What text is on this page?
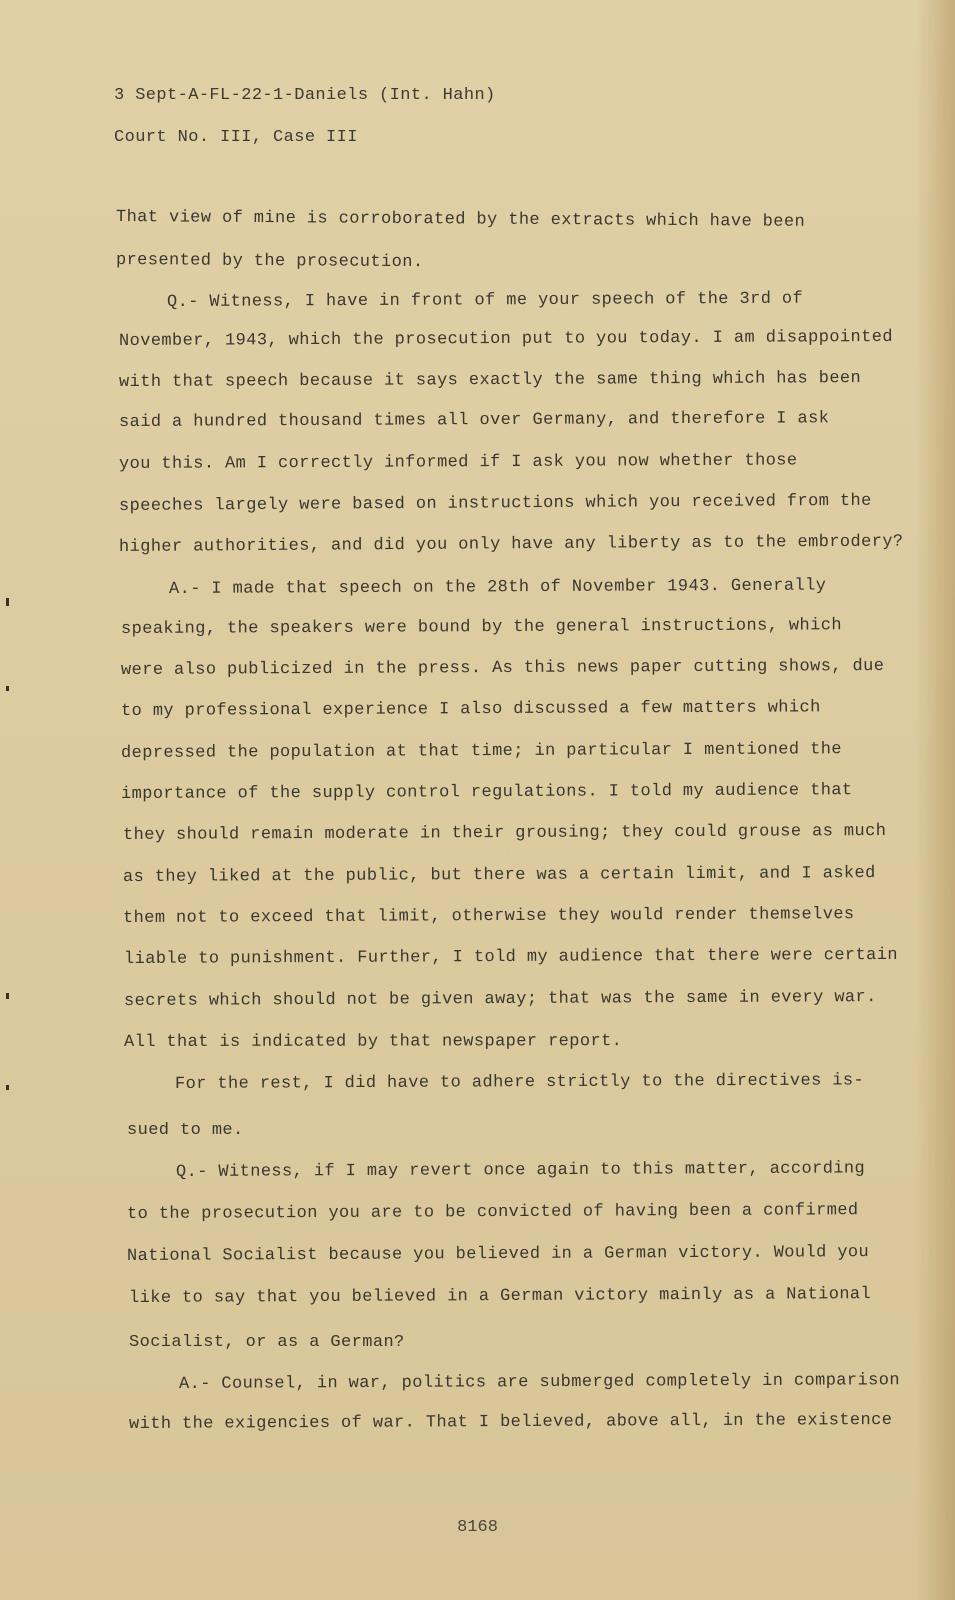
3 Sept-A-FL-22-1-Daniels (Int. Hahn)
Court No. III, Case III
That view of mine is corroborated by the extracts which have been
presented by the prosecution.
Q.- Witness, I have in front of me your speech of the 3rd of
November, 1943, which the prosecution put to you today. I am disappointed
with that speech because it says exactly the same thing which has been
said a hundred thousand times all over Germany, and therefore I ask
you this. Am I correctly informed if I ask you now whether those
speeches largely were based on instructions which you received from the
higher authorities, and did you only have any liberty as to the embrodery?
A.- I made that speech on the 28th of November 1943. Generally
speaking, the speakers were bound by the general instructions, which
were also publicized in the press. As this news paper cutting shows, due
to my professional experience I also discussed a few matters which
depressed the population at that time; in particular I mentioned the
importance of the supply control regulations. I told my audience that
they should remain moderate in their grousing; they could grouse as much
as they liked at the public, but there was a certain limit, and I asked
them not to exceed that limit, otherwise they would render themselves
liable to punishment. Further, I told my audience that there were certain
secrets which should not be given away; that was the same in every war.
All that is indicated by that newspaper report.
For the rest, I did have to adhere strictly to the directives is-
sued to me.
Q.- Witness, if I may revert once again to this matter, according
to the prosecution you are to be convicted of having been a confirmed
National Socialist because you believed in a German victory. Would you
like to say that you believed in a German victory mainly as a National
Socialist, or as a German?
A.- Counsel, in war, politics are submerged completely in comparison
with the exigencies of war. That I believed, above all, in the existence
8168
